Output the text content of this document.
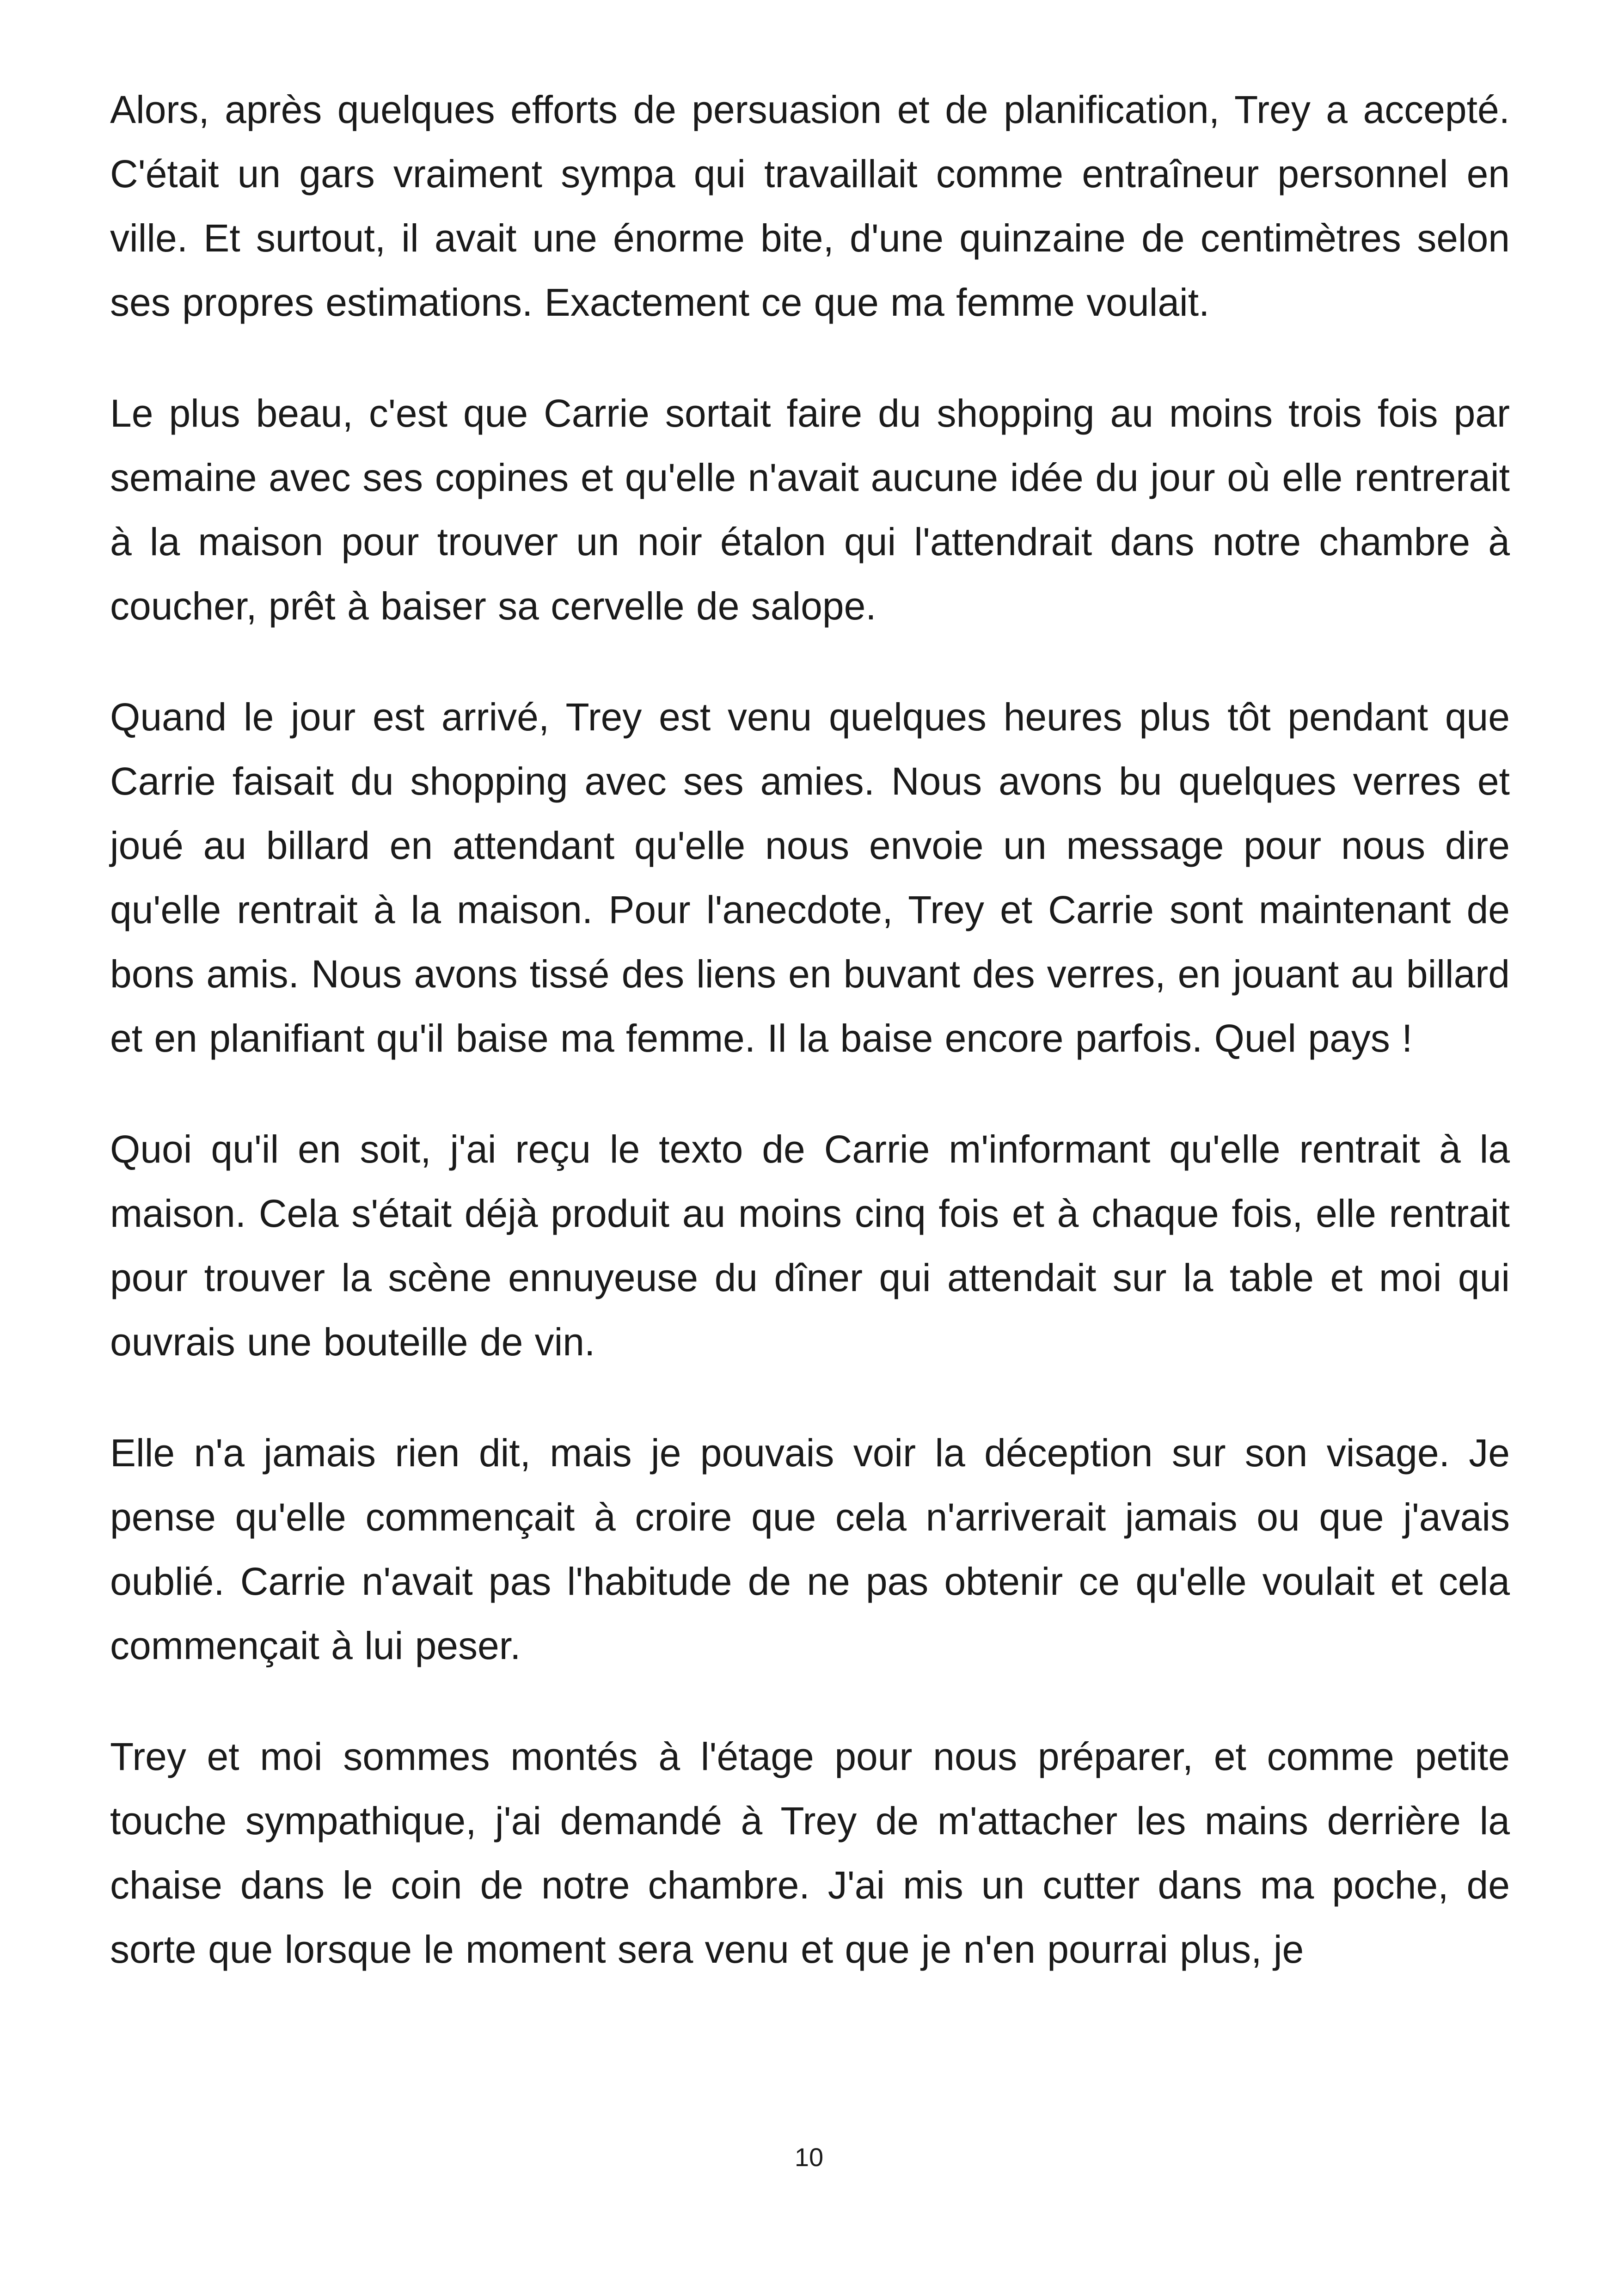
Alors, après quelques efforts de persuasion et de planification, Trey a accepté. C'était un gars vraiment sympa qui travaillait comme entraîneur personnel en ville. Et surtout, il avait une énorme bite, d'une quinzaine de centimètres selon ses propres estimations. Exactement ce que ma femme voulait.

Le plus beau, c'est que Carrie sortait faire du shopping au moins trois fois par semaine avec ses copines et qu'elle n'avait aucune idée du jour où elle rentrerait à la maison pour trouver un noir étalon qui l'attendrait dans notre chambre à coucher, prêt à baiser sa cervelle de salope.

Quand le jour est arrivé, Trey est venu quelques heures plus tôt pendant que Carrie faisait du shopping avec ses amies. Nous avons bu quelques verres et joué au billard en attendant qu'elle nous envoie un message pour nous dire qu'elle rentrait à la maison. Pour l'anecdote, Trey et Carrie sont maintenant de bons amis. Nous avons tissé des liens en buvant des verres, en jouant au billard et en planifiant qu'il baise ma femme. Il la baise encore parfois. Quel pays !

Quoi qu'il en soit, j'ai reçu le texto de Carrie m'informant qu'elle rentrait à la maison. Cela s'était déjà produit au moins cinq fois et à chaque fois, elle rentrait pour trouver la scène ennuyeuse du dîner qui attendait sur la table et moi qui ouvrais une bouteille de vin.

Elle n'a jamais rien dit, mais je pouvais voir la déception sur son visage. Je pense qu'elle commençait à croire que cela n'arriverait jamais ou que j'avais oublié. Carrie n'avait pas l'habitude de ne pas obtenir ce qu'elle voulait et cela commençait à lui peser.

Trey et moi sommes montés à l'étage pour nous préparer, et comme petite touche sympathique, j'ai demandé à Trey de m'attacher les mains derrière la chaise dans le coin de notre chambre. J'ai mis un cutter dans ma poche, de sorte que lorsque le moment sera venu et que je n'en pourrai plus, je

10
